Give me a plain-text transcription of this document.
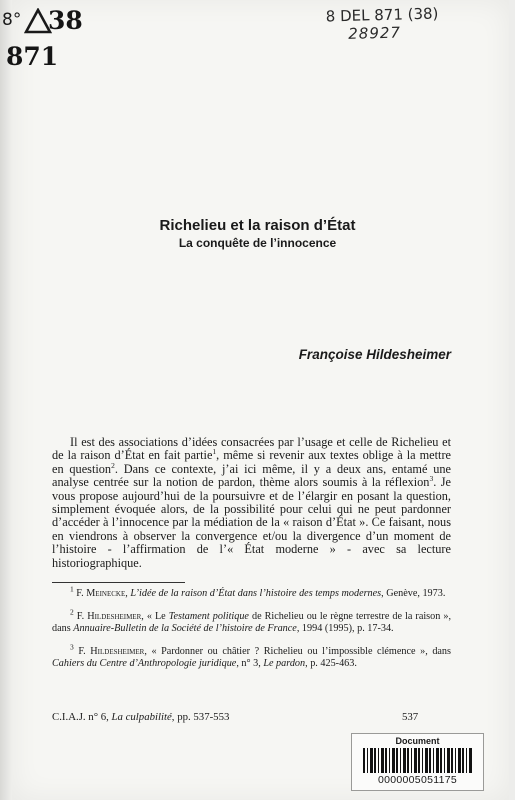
8° 38
871
8 DEL 871 (38)
28927
Richelieu et la raison d’État
La conquête de l’innocence
Françoise Hildesheimer
Il est des associations d’idées consacrées par l’usage et celle de Richelieu et de la raison d’État en fait partie$^1$, même si revenir aux textes oblige à la mettre en question$^2$. Dans ce contexte, j’ai ici même, il y a deux ans, entamé une analyse centrée sur la notion de pardon, thème alors soumis à la réflexion$^3$. Je vous propose aujourd’hui de la poursuivre et de l’élargir en posant la question, simplement évoquée alors, de la possibilité pour celui qui ne peut pardonner d’accéder à l’innocence par la médiation de la « raison d’État ». Ce faisant, nous en viendrons à observer la convergence et/ou la divergence d’un moment de l’histoire - l’affirmation de l’« État moderne » - avec sa lecture historiographique.
$^1$ F. Meinecke, L’idée de la raison d’État dans l’histoire des temps modernes, Genève, 1973.
$^2$ F. Hildesheimer, « Le Testament politique de Richelieu ou le règne terrestre de la raison », dans Annuaire-Bulletin de la Société de l’histoire de France, 1994 (1995), p. 17-34.
$^3$ F. Hildesheimer, « Pardonner ou châtier ? Richelieu ou l’impossible clémence », dans Cahiers du Centre d’Anthropologie juridique, n° 3, Le pardon, p. 425-463.
C.I.A.J. n° 6, La culpabilité, pp. 537-553	537
Document
0000005051175
